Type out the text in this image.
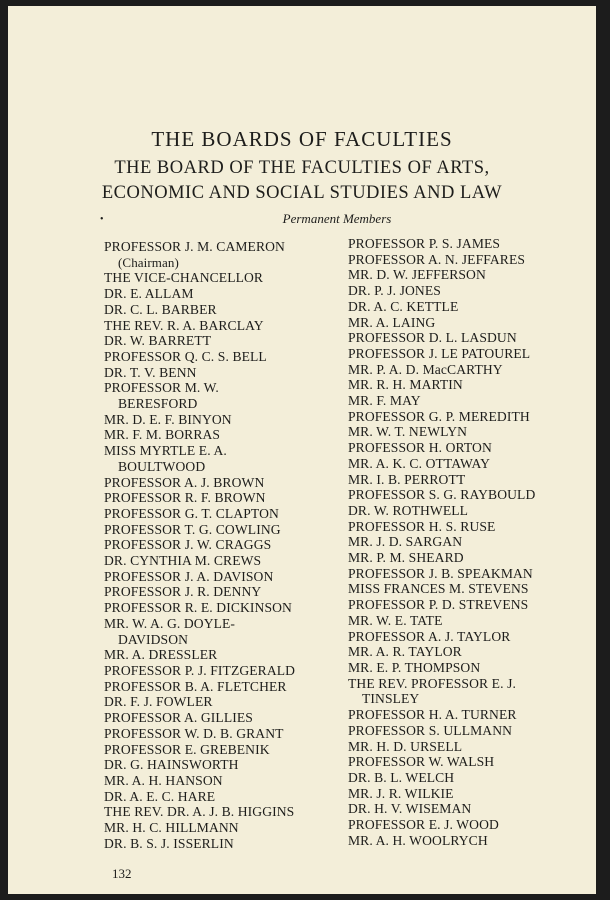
THE BOARDS OF FACULTIES
THE BOARD OF THE FACULTIES OF ARTS,
ECONOMIC AND SOCIAL STUDIES AND LAW
•	Permanent Members
PROFESSOR J. M. CAMERON
(Chairman)
THE VICE-CHANCELLOR
DR. E. ALLAM
DR. C. L. BARBER
THE REV. R. A. BARCLAY
DR. W. BARRETT
PROFESSOR Q. C. S. BELL
DR. T. V. BENN
PROFESSOR M. W.
BERESFORD
MR. D. E. F. BINYON
MR. F. M. BORRAS
MISS MYRTLE E. A.
BOULTWOOD
PROFESSOR A. J. BROWN
PROFESSOR R. F. BROWN
PROFESSOR G. T. CLAPTON
PROFESSOR T. G. COWLING
PROFESSOR J. W. CRAGGS
DR. CYNTHIA M. CREWS
PROFESSOR J. A. DAVISON
PROFESSOR J. R. DENNY
PROFESSOR R. E. DICKINSON
MR. W. A. G. DOYLE-
DAVIDSON
MR. A. DRESSLER
PROFESSOR P. J. FITZGERALD
PROFESSOR B. A. FLETCHER
DR. F. J. FOWLER
PROFESSOR A. GILLIES
PROFESSOR W. D. B. GRANT
PROFESSOR E. GREBENIK
DR. G. HAINSWORTH
MR. A. H. HANSON
DR. A. E. C. HARE
THE REV. DR. A. J. B. HIGGINS
MR. H. C. HILLMANN
DR. B. S. J. ISSERLIN
PROFESSOR P. S. JAMES
PROFESSOR A. N. JEFFARES
MR. D. W. JEFFERSON
DR. P. J. JONES
DR. A. C. KETTLE
MR. A. LAING
PROFESSOR D. L. LASDUN
PROFESSOR J. LE PATOUREL
MR. P. A. D. MacCARTHY
MR. R. H. MARTIN
MR. F. MAY
PROFESSOR G. P. MEREDITH
MR. W. T. NEWLYN
PROFESSOR H. ORTON
MR. A. K. C. OTTAWAY
MR. I. B. PERROTT
PROFESSOR S. G. RAYBOULD
DR. W. ROTHWELL
PROFESSOR H. S. RUSE
MR. J. D. SARGAN
MR. P. M. SHEARD
PROFESSOR J. B. SPEAKMAN
MISS FRANCES M. STEVENS
PROFESSOR P. D. STREVENS
MR. W. E. TATE
PROFESSOR A. J. TAYLOR
MR. A. R. TAYLOR
MR. E. P. THOMPSON
THE REV. PROFESSOR E. J.
TINSLEY
PROFESSOR H. A. TURNER
PROFESSOR S. ULLMANN
MR. H. D. URSELL
PROFESSOR W. WALSH
DR. B. L. WELCH
MR. J. R. WILKIE
DR. H. V. WISEMAN
PROFESSOR E. J. WOOD
MR. A. H. WOOLRYCH
132
